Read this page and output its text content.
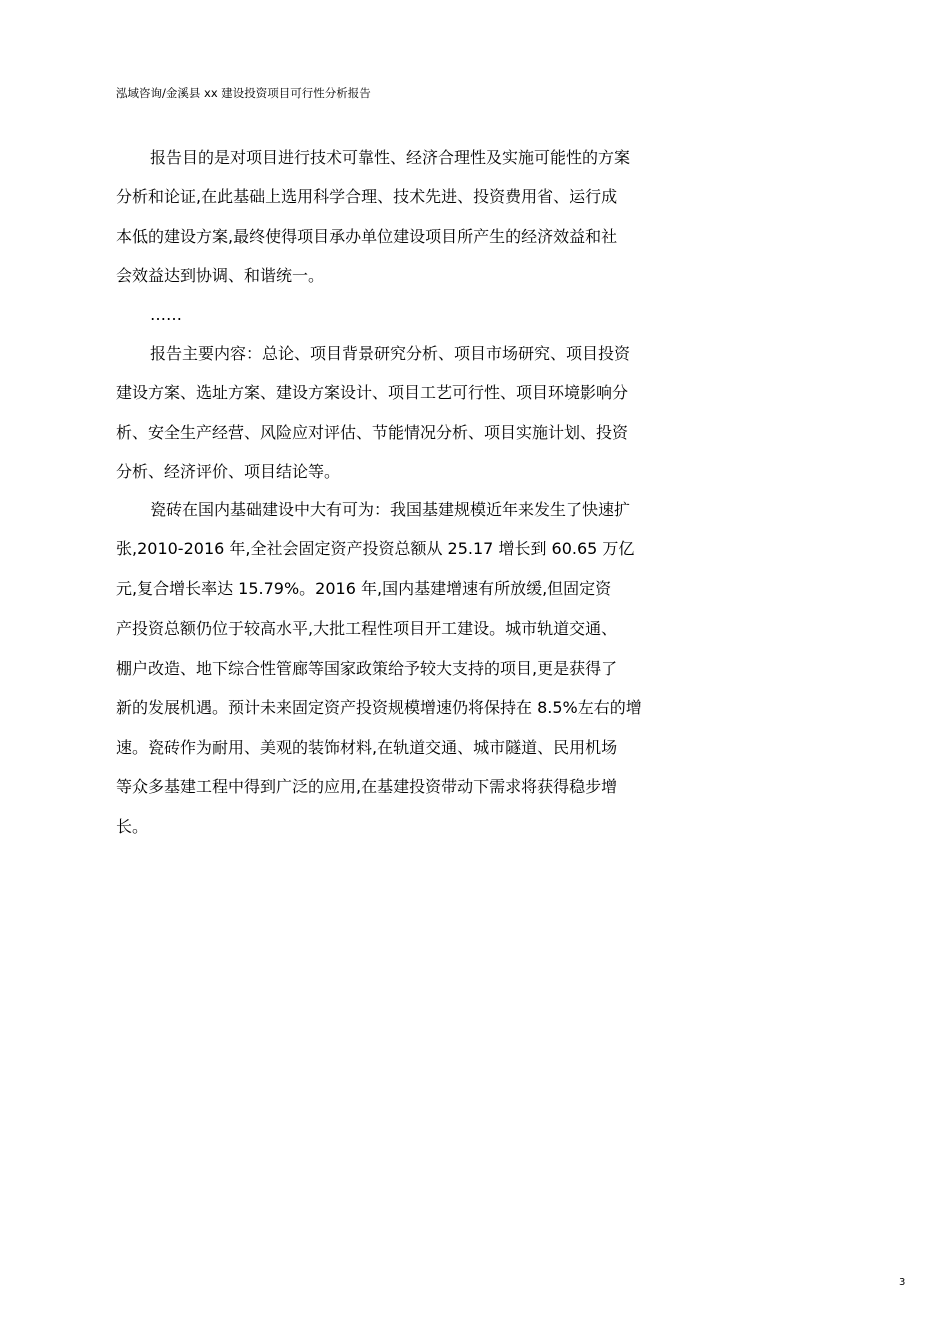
泓域咨询/金溪县 xx 建设投资项目可行性分析报告
报告目的是对项目进行技术可靠性、经济合理性及实施可能性的方案
分析和论证,在此基础上选用科学合理、技术先进、投资费用省、运行成
本低的建设方案,最终使得项目承办单位建设项目所产生的经济效益和社
会效益达到协调、和谐统一。
……
报告主要内容：总论、项目背景研究分析、项目市场研究、项目投资
建设方案、选址方案、建设方案设计、项目工艺可行性、项目环境影响分
析、安全生产经营、风险应对评估、节能情况分析、项目实施计划、投资
分析、经济评价、项目结论等。
瓷砖在国内基础建设中大有可为：我国基建规模近年来发生了快速扩
张,2010-2016 年,全社会固定资产投资总额从 25.17 增长到 60.65 万亿
元,复合增长率达 15.79%。2016 年,国内基建增速有所放缓,但固定资
产投资总额仍位于较高水平,大批工程性项目开工建设。城市轨道交通、
棚户改造、地下综合性管廊等国家政策给予较大支持的项目,更是获得了
新的发展机遇。预计未来固定资产投资规模增速仍将保持在 8.5%左右的增
速。瓷砖作为耐用、美观的装饰材料,在轨道交通、城市隧道、民用机场
等众多基建工程中得到广泛的应用,在基建投资带动下需求将获得稳步增
长。
3
